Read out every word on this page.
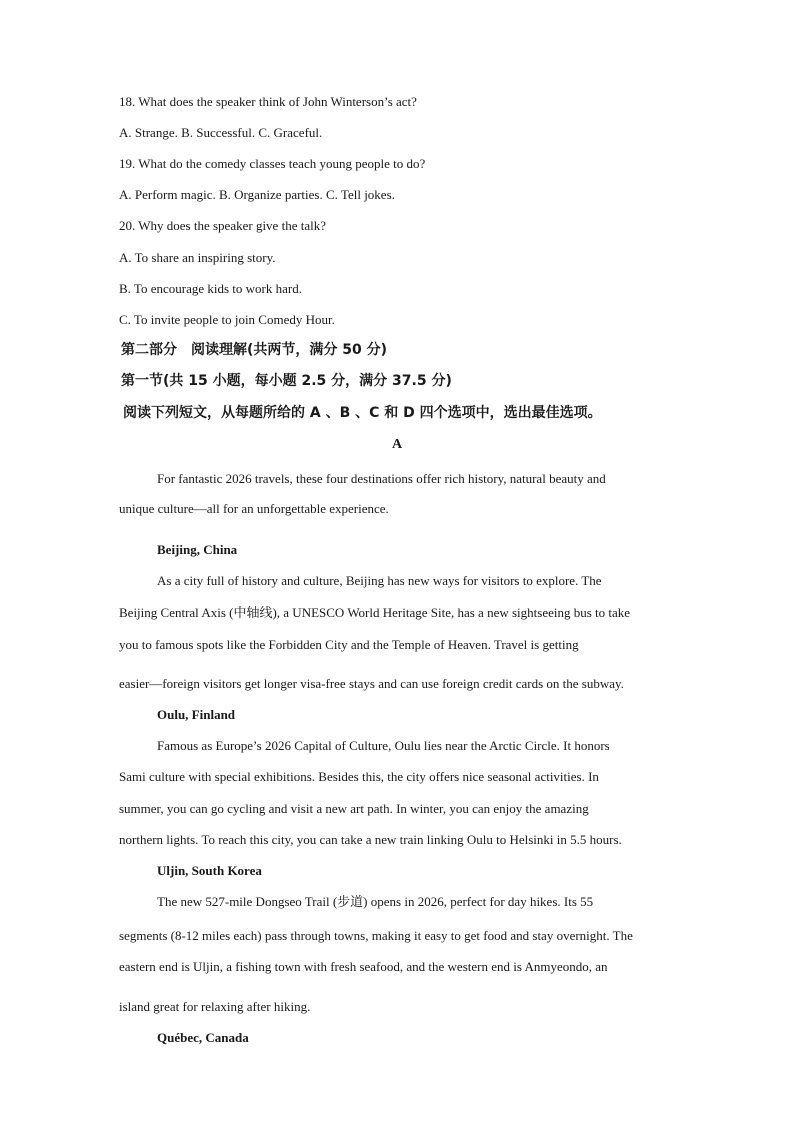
18. What does the speaker think of John Winterson’s act?
A. Strange. B. Successful. C. Graceful.
19. What do the comedy classes teach young people to do?
A. Perform magic. B. Organize parties. C. Tell jokes.
20. Why does the speaker give the talk?
A. To share an inspiring story.
B. To encourage kids to work hard.
C. To invite people to join Comedy Hour.
第二部分　阅读理解(共两节，满分 50 分)
第一节(共 15 小题，每小题 2.5 分，满分 37.5 分)
阅读下列短文，从每题所给的 A 、B 、C 和 D 四个选项中，选出最佳选项。
A
For fantastic 2026 travels, these four destinations offer rich history, natural beauty and
unique culture—all for an unforgettable experience.
Beijing, China
As a city full of history and culture, Beijing has new ways for visitors to explore. The
Beijing Central Axis (中轴线), a UNESCO World Heritage Site, has a new sightseeing bus to take
you to famous spots like the Forbidden City and the Temple of Heaven. Travel is getting
easier—foreign visitors get longer visa-free stays and can use foreign credit cards on the subway.
Oulu, Finland
Famous as Europe’s 2026 Capital of Culture, Oulu lies near the Arctic Circle. It honors
Sami culture with special exhibitions. Besides this, the city offers nice seasonal activities. In
summer, you can go cycling and visit a new art path. In winter, you can enjoy the amazing
northern lights. To reach this city, you can take a new train linking Oulu to Helsinki in 5.5 hours.
Uljin, South Korea
The new 527-mile Dongseo Trail (步道) opens in 2026, perfect for day hikes. Its 55
segments (8-12 miles each) pass through towns, making it easy to get food and stay overnight. The
eastern end is Uljin, a fishing town with fresh seafood, and the western end is Anmyeondo, an
island great for relaxing after hiking.
Québec, Canada
